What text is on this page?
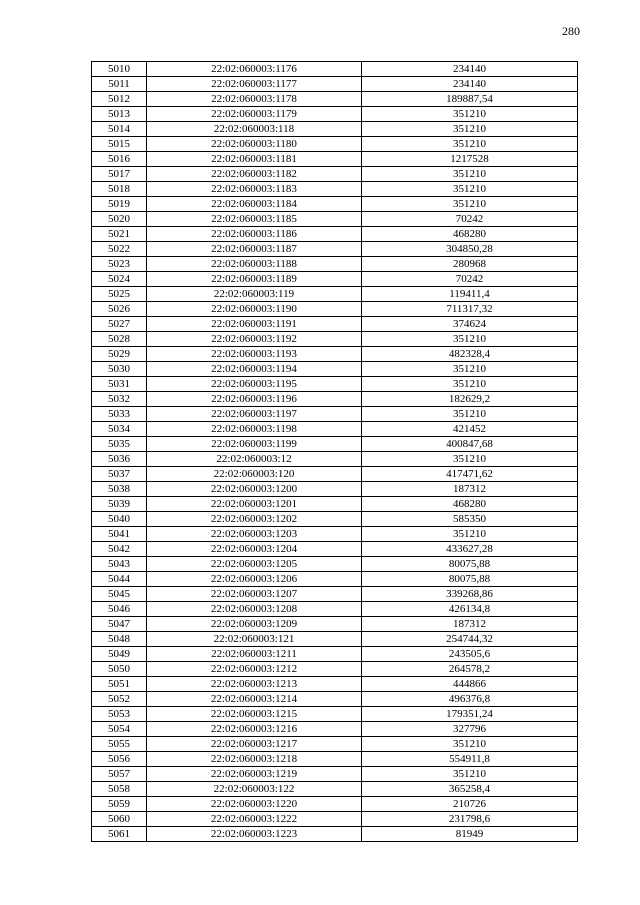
280
5010	22:02:060003:1176	234140
5011	22:02:060003:1177	234140
5012	22:02:060003:1178	189887,54
5013	22:02:060003:1179	351210
5014	22:02:060003:118	351210
5015	22:02:060003:1180	351210
5016	22:02:060003:1181	1217528
5017	22:02:060003:1182	351210
5018	22:02:060003:1183	351210
5019	22:02:060003:1184	351210
5020	22:02:060003:1185	70242
5021	22:02:060003:1186	468280
5022	22:02:060003:1187	304850,28
5023	22:02:060003:1188	280968
5024	22:02:060003:1189	70242
5025	22:02:060003:119	119411,4
5026	22:02:060003:1190	711317,32
5027	22:02:060003:1191	374624
5028	22:02:060003:1192	351210
5029	22:02:060003:1193	482328,4
5030	22:02:060003:1194	351210
5031	22:02:060003:1195	351210
5032	22:02:060003:1196	182629,2
5033	22:02:060003:1197	351210
5034	22:02:060003:1198	421452
5035	22:02:060003:1199	400847,68
5036	22:02:060003:12	351210
5037	22:02:060003:120	417471,62
5038	22:02:060003:1200	187312
5039	22:02:060003:1201	468280
5040	22:02:060003:1202	585350
5041	22:02:060003:1203	351210
5042	22:02:060003:1204	433627,28
5043	22:02:060003:1205	80075,88
5044	22:02:060003:1206	80075,88
5045	22:02:060003:1207	339268,86
5046	22:02:060003:1208	426134,8
5047	22:02:060003:1209	187312
5048	22:02:060003:121	254744,32
5049	22:02:060003:1211	243505,6
5050	22:02:060003:1212	264578,2
5051	22:02:060003:1213	444866
5052	22:02:060003:1214	496376,8
5053	22:02:060003:1215	179351,24
5054	22:02:060003:1216	327796
5055	22:02:060003:1217	351210
5056	22:02:060003:1218	554911,8
5057	22:02:060003:1219	351210
5058	22:02:060003:122	365258,4
5059	22:02:060003:1220	210726
5060	22:02:060003:1222	231798,6
5061	22:02:060003:1223	81949
